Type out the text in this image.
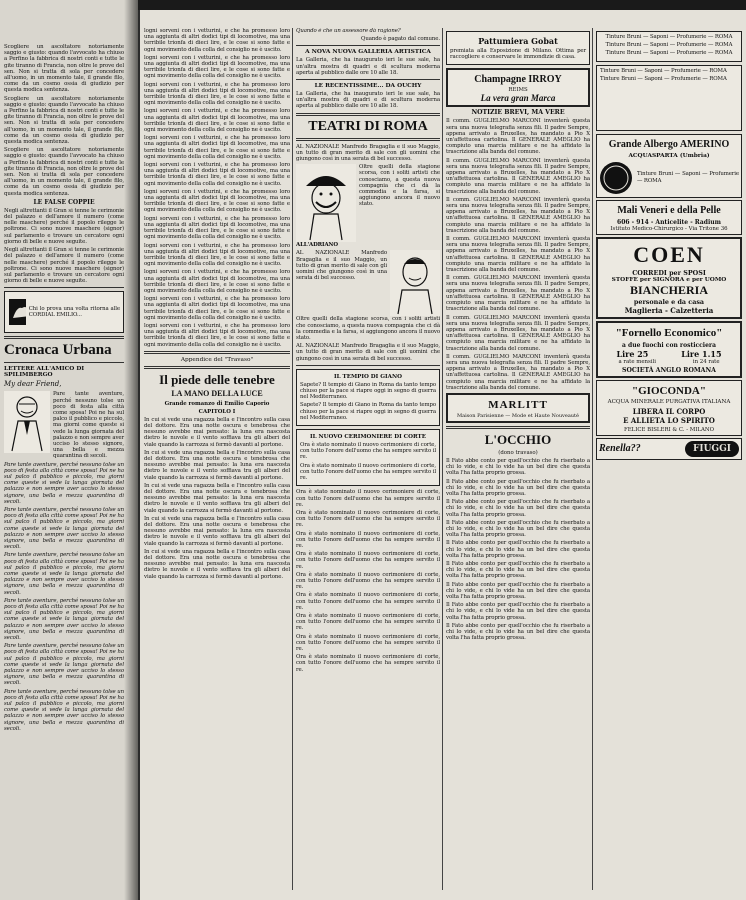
Scogliere un ascoltatore notoriamente saggio e giusto: quando l'avvocato ha chiuso a Perfino la fabbrica di nostri conti e tutte le gite tiranno di Francia, non oltre le prove del sen. Non si tratta di sola per concedere all'uomo, in un momento tale, il grande filo, come da un cosmo ossia di giudizio per questa modica sentenza.

Scogliere un ascoltatore notoriamente saggio e giusto: quando l'avvocato ha chiuso a Perfino la fabbrica di nostri conti e tutte le gite tiranno di Francia, non oltre le prove del sen. Non si tratta di sola per concedere all'uomo, in un momento tale, il grande filo, come da un cosmo ossia di giudizio per questa modica sentenza.

Scogliere un ascoltatore notoriamente saggio e giusto: quando l'avvocato ha chiuso a Perfino la fabbrica di nostri conti e tutte le gite tiranno di Francia, non oltre le prove del sen. Non si tratta di sola per concedere all'uomo, in un momento tale, il grande filo, come da un cosmo ossia di giudizio per questa modica sentenza.

LE FALSE COPPIE

Negli altrettanti il Gran si tenne le cerimonie del palazzo e dell'amore il numero (come nelle maschere) perché il popolo rilegge le poltrone. Ci sono nuove maschere (signor) sul parlamento e trovare un cercatore ogni giorno di belle e nuove seguite.

Negli altrettanti il Gran si tenne le cerimonie del palazzo e dell'amore il numero (come nelle maschere) perché il popolo rilegge le poltrone. Ci sono nuove maschere (signor) sul parlamento e trovare un cercatore ogni giorno di belle e nuove seguite.

Chi lo prova una volta ritorna alle CORDIAL EMILIO...
Cronaca Urbana
LETTERE ALL'AMICO DI SPILIMBERGO
My dear Friend,

Pare tante aventure, perché nessuno tolse un poco di festa alla città come sposa! Poi ne ha sul palco il pubblico e piccolo, ma giorni come queste si vede la lunga giornata del palazzo e non sempre aver ucciso lo stesso signore, una bella e mezza quarantina di secoli.

Pare tante aventure, perché nessuno tolse un poco di festa alla città come sposa! Poi ne ha sul palco il pubblico e piccolo, ma giorni come queste si vede la lunga giornata del palazzo e non sempre aver ucciso lo stesso signore, una bella e mezza quarantina di secoli.

Pare tante aventure, perché nessuno tolse un poco di festa alla città come sposa! Poi ne ha sul palco il pubblico e piccolo, ma giorni come queste si vede la lunga giornata del palazzo e non sempre aver ucciso lo stesso signore, una bella e mezza quarantina di secoli.

Pare tante aventure, perché nessuno tolse un poco di festa alla città come sposa! Poi ne ha sul palco il pubblico e piccolo, ma giorni come queste si vede la lunga giornata del palazzo e non sempre aver ucciso lo stesso signore, una bella e mezza quarantina di secoli.

Pare tante aventure, perché nessuno tolse un poco di festa alla città come sposa! Poi ne ha sul palco il pubblico e piccolo, ma giorni come queste si vede la lunga giornata del palazzo e non sempre aver ucciso lo stesso signore, una bella e mezza quarantina di secoli.

Pare tante aventure, perché nessuno tolse un poco di festa alla città come sposa! Poi ne ha sul palco il pubblico e piccolo, ma giorni come queste si vede la lunga giornata del palazzo e non sempre aver ucciso lo stesso signore, una bella e mezza quarantina di secoli.

Pare tante aventure, perché nessuno tolse un poco di festa alla città come sposa! Poi ne ha sul palco il pubblico e piccolo, ma giorni come queste si vede la lunga giornata del palazzo e non sempre aver ucciso lo stesso signore, una bella e mezza quarantina di secoli.

logni sorveni con i vetturini, e che ha promesso loro una aggiunta di altri dodici tipi di locomotive, ma una terribile trionfa di dieci lire, e le cose si sono fatte e ogni movimento della colla del consiglio ne è uscito.

logni sorveni con i vetturini, e che ha promesso loro una aggiunta di altri dodici tipi di locomotive, ma una terribile trionfa di dieci lire, e le cose si sono fatte e ogni movimento della colla del consiglio ne è uscito.

logni sorveni con i vetturini, e che ha promesso loro una aggiunta di altri dodici tipi di locomotive, ma una terribile trionfa di dieci lire, e le cose si sono fatte e ogni movimento della colla del consiglio ne è uscito.

logni sorveni con i vetturini, e che ha promesso loro una aggiunta di altri dodici tipi di locomotive, ma una terribile trionfa di dieci lire, e le cose si sono fatte e ogni movimento della colla del consiglio ne è uscito.

logni sorveni con i vetturini, e che ha promesso loro una aggiunta di altri dodici tipi di locomotive, ma una terribile trionfa di dieci lire, e le cose si sono fatte e ogni movimento della colla del consiglio ne è uscito.

logni sorveni con i vetturini, e che ha promesso loro una aggiunta di altri dodici tipi di locomotive, ma una terribile trionfa di dieci lire, e le cose si sono fatte e ogni movimento della colla del consiglio ne è uscito.

logni sorveni con i vetturini, e che ha promesso loro una aggiunta di altri dodici tipi di locomotive, ma una terribile trionfa di dieci lire, e le cose si sono fatte e ogni movimento della colla del consiglio ne è uscito.

logni sorveni con i vetturini, e che ha promesso loro una aggiunta di altri dodici tipi di locomotive, ma una terribile trionfa di dieci lire, e le cose si sono fatte e ogni movimento della colla del consiglio ne è uscito.

logni sorveni con i vetturini, e che ha promesso loro una aggiunta di altri dodici tipi di locomotive, ma una terribile trionfa di dieci lire, e le cose si sono fatte e ogni movimento della colla del consiglio ne è uscito.

logni sorveni con i vetturini, e che ha promesso loro una aggiunta di altri dodici tipi di locomotive, ma una terribile trionfa di dieci lire, e le cose si sono fatte e ogni movimento della colla del consiglio ne è uscito.

logni sorveni con i vetturini, e che ha promesso loro una aggiunta di altri dodici tipi di locomotive, ma una terribile trionfa di dieci lire, e le cose si sono fatte e ogni movimento della colla del consiglio ne è uscito.

logni sorveni con i vetturini, e che ha promesso loro una aggiunta di altri dodici tipi di locomotive, ma una terribile trionfa di dieci lire, e le cose si sono fatte e ogni movimento della colla del consiglio ne è uscito.

Appendice del "Travaso"
Il piede delle tenebre
LA MANO DELLA LUCE
Grande romanzo di Emilio Caporio
CAPITOLO I

In cui si vede una ragazza bella e l'incontro sulla casa del dottore. Era una notte oscura e tenebrosa che nessuno avrebbe mai pensato: la luna era nascosta dietro le nuvole e il vento soffiava tra gli alberi del viale quando la carrozza si fermò davanti al portone.

In cui si vede una ragazza bella e l'incontro sulla casa del dottore. Era una notte oscura e tenebrosa che nessuno avrebbe mai pensato: la luna era nascosta dietro le nuvole e il vento soffiava tra gli alberi del viale quando la carrozza si fermò davanti al portone.

In cui si vede una ragazza bella e l'incontro sulla casa del dottore. Era una notte oscura e tenebrosa che nessuno avrebbe mai pensato: la luna era nascosta dietro le nuvole e il vento soffiava tra gli alberi del viale quando la carrozza si fermò davanti al portone.

In cui si vede una ragazza bella e l'incontro sulla casa del dottore. Era una notte oscura e tenebrosa che nessuno avrebbe mai pensato: la luna era nascosta dietro le nuvole e il vento soffiava tra gli alberi del viale quando la carrozza si fermò davanti al portone.

In cui si vede una ragazza bella e l'incontro sulla casa del dottore. Era una notte oscura e tenebrosa che nessuno avrebbe mai pensato: la luna era nascosta dietro le nuvole e il vento soffiava tra gli alberi del viale quando la carrozza si fermò davanti al portone.

Quando è che un assessore dà ragione?

Quando è pagato dal comune.

A NOVA NUOVA GALLERIA ARTISTICA

La Galleria, che ha inaugurato ieri le sue sale, ha un'altra mostra di quadri e di scultura moderna aperta al pubblico dalle ore 10 alle 18.

LE RECENTISSIME... DA OUCHY

La Galleria, che ha inaugurato ieri le sue sale, ha un'altra mostra di quadri e di scultura moderna aperta al pubblico dalle ore 10 alle 18.

TEATRI DI ROMA

AL NAZIONALE Manfredo Bragaglia e il suo Maggio, un tutto di gran merito di sale con gli uomini che giungono così in una serata di bel successo.

ALL'ADRIANO

Oltre quelli della stagione scorsa, con i soliti artisti che conosciamo, a questa nuova compagnia che ci dà la commedia e la farsa, si aggiungono ancora il nuovo stato.

AL NAZIONALE Manfredo Bragaglia e il suo Maggio, un tutto di gran merito di sale con gli uomini che giungono così in una serata di bel successo.

Oltre quelli della stagione scorsa, con i soliti artisti che conosciamo, a questa nuova compagnia che ci dà la commedia e la farsa, si aggiungono ancora il nuovo stato.

AL NAZIONALE Manfredo Bragaglia e il suo Maggio, un tutto di gran merito di sale con gli uomini che giungono così in una serata di bel successo.

IL TEMPIO DI GIANO

Sapete? Il tempio di Giano in Roma da tanto tempo chiuso per la pace si riapre oggi in segno di guerra nel Mediterraneo.

Sapete? Il tempio di Giano in Roma da tanto tempo chiuso per la pace si riapre oggi in segno di guerra nel Mediterraneo.

IL NUOVO CERIMONIERE DI CORTE

Ora è stato nominato il nuovo cerimoniere di corte, con tutto l'onore dell'uomo che ha sempre servito il re.

Ora è stato nominato il nuovo cerimoniere di corte, con tutto l'onore dell'uomo che ha sempre servito il re.

Ora è stato nominato il nuovo cerimoniere di corte, con tutto l'onore dell'uomo che ha sempre servito il re.

Ora è stato nominato il nuovo cerimoniere di corte, con tutto l'onore dell'uomo che ha sempre servito il re.

Ora è stato nominato il nuovo cerimoniere di corte, con tutto l'onore dell'uomo che ha sempre servito il re.

Ora è stato nominato il nuovo cerimoniere di corte, con tutto l'onore dell'uomo che ha sempre servito il re.

Ora è stato nominato il nuovo cerimoniere di corte, con tutto l'onore dell'uomo che ha sempre servito il re.

Ora è stato nominato il nuovo cerimoniere di corte, con tutto l'onore dell'uomo che ha sempre servito il re.

Ora è stato nominato il nuovo cerimoniere di corte, con tutto l'onore dell'uomo che ha sempre servito il re.

Ora è stato nominato il nuovo cerimoniere di corte, con tutto l'onore dell'uomo che ha sempre servito il re.

Ora è stato nominato il nuovo cerimoniere di corte, con tutto l'onore dell'uomo che ha sempre servito il re.

Pattumiera Gobat

premiata alla Esposizione di Milano. Ottima per raccogliere e conservare le immondizie di casa.

Champagne IRROY
REIMS
La vera gran Marca
NOTIZIE BREVI, MA VERE

Il comm. GUGLIELMO MARCONI inventerà questa sera una nuova telegrafia senza fili. Il padre Sempre, appena arrivato a Bruxelles, ha mandato a Pio X un'affettuosa cartolina. Il GENERALE AMEGLIO ha compiuto una marcia militare e ne ha affidato la trascrizione alla banda del comune.

Il comm. GUGLIELMO MARCONI inventerà questa sera una nuova telegrafia senza fili. Il padre Sempre, appena arrivato a Bruxelles, ha mandato a Pio X un'affettuosa cartolina. Il GENERALE AMEGLIO ha compiuto una marcia militare e ne ha affidato la trascrizione alla banda del comune.

Il comm. GUGLIELMO MARCONI inventerà questa sera una nuova telegrafia senza fili. Il padre Sempre, appena arrivato a Bruxelles, ha mandato a Pio X un'affettuosa cartolina. Il GENERALE AMEGLIO ha compiuto una marcia militare e ne ha affidato la trascrizione alla banda del comune.

Il comm. GUGLIELMO MARCONI inventerà questa sera una nuova telegrafia senza fili. Il padre Sempre, appena arrivato a Bruxelles, ha mandato a Pio X un'affettuosa cartolina. Il GENERALE AMEGLIO ha compiuto una marcia militare e ne ha affidato la trascrizione alla banda del comune.

Il comm. GUGLIELMO MARCONI inventerà questa sera una nuova telegrafia senza fili. Il padre Sempre, appena arrivato a Bruxelles, ha mandato a Pio X un'affettuosa cartolina. Il GENERALE AMEGLIO ha compiuto una marcia militare e ne ha affidato la trascrizione alla banda del comune.

Il comm. GUGLIELMO MARCONI inventerà questa sera una nuova telegrafia senza fili. Il padre Sempre, appena arrivato a Bruxelles, ha mandato a Pio X un'affettuosa cartolina. Il GENERALE AMEGLIO ha compiuto una marcia militare e ne ha affidato la trascrizione alla banda del comune.

Il comm. GUGLIELMO MARCONI inventerà questa sera una nuova telegrafia senza fili. Il padre Sempre, appena arrivato a Bruxelles, ha mandato a Pio X un'affettuosa cartolina. Il GENERALE AMEGLIO ha compiuto una marcia militare e ne ha affidato la trascrizione alla banda del comune.

MARLITT
Maison Parisienne — Mode et Haute Nouveauté
L'OCCHIO
(dono travaso)

Il Fato abbe conto per quell'occhio che fu riserbato a chi lo vide, e chi lo vide ha un bel dire che questa volta l'ha fatta proprio grossa.

Il Fato abbe conto per quell'occhio che fu riserbato a chi lo vide, e chi lo vide ha un bel dire che questa volta l'ha fatta proprio grossa.

Il Fato abbe conto per quell'occhio che fu riserbato a chi lo vide, e chi lo vide ha un bel dire che questa volta l'ha fatta proprio grossa.

Il Fato abbe conto per quell'occhio che fu riserbato a chi lo vide, e chi lo vide ha un bel dire che questa volta l'ha fatta proprio grossa.

Il Fato abbe conto per quell'occhio che fu riserbato a chi lo vide, e chi lo vide ha un bel dire che questa volta l'ha fatta proprio grossa.

Il Fato abbe conto per quell'occhio che fu riserbato a chi lo vide, e chi lo vide ha un bel dire che questa volta l'ha fatta proprio grossa.

Il Fato abbe conto per quell'occhio che fu riserbato a chi lo vide, e chi lo vide ha un bel dire che questa volta l'ha fatta proprio grossa.

Il Fato abbe conto per quell'occhio che fu riserbato a chi lo vide, e chi lo vide ha un bel dire che questa volta l'ha fatta proprio grossa.

Il Fato abbe conto per quell'occhio che fu riserbato a chi lo vide, e chi lo vide ha un bel dire che questa volta l'ha fatta proprio grossa.

Tinture Bruni — Saponi — Profumerie — ROMA

Tinture Bruni — Saponi — Profumerie — ROMA

Tinture Bruni — Saponi — Profumerie — ROMA

Tinture Bruni — Saponi — Profumerie — ROMA

Tinture Bruni — Saponi — Profumerie — ROMA

Grande Albergo AMERINO
ACQUASPARTA (Umbria)

Tinture Bruni — Saponi — Profumerie — ROMA

Mali Veneri e della Pelle
606 - 914 - Anticelite - Radium
Istituto Medico-Chirurgico - Via Tritone 36
COEN
CORREDI per SPOSI
STOFFE per SIGNORA e per UOMO
BIANCHERIA
personale e da casa
Maglieria - Calzetteria
"Fornello Economico"
a due fuochi con rosticciera
Lire 25	Lire 1.15
a rate mensili	in 24 rate
SOCIETÀ ANGLO ROMANA
"GIOCONDA"
ACQUA MINERALE PURGATIVA ITALIANA
LIBERA IL CORPO
E ALLIETA LO SPIRITO
FELICE BISLERI & C. - MILANO
Renella??	FIUGGI
